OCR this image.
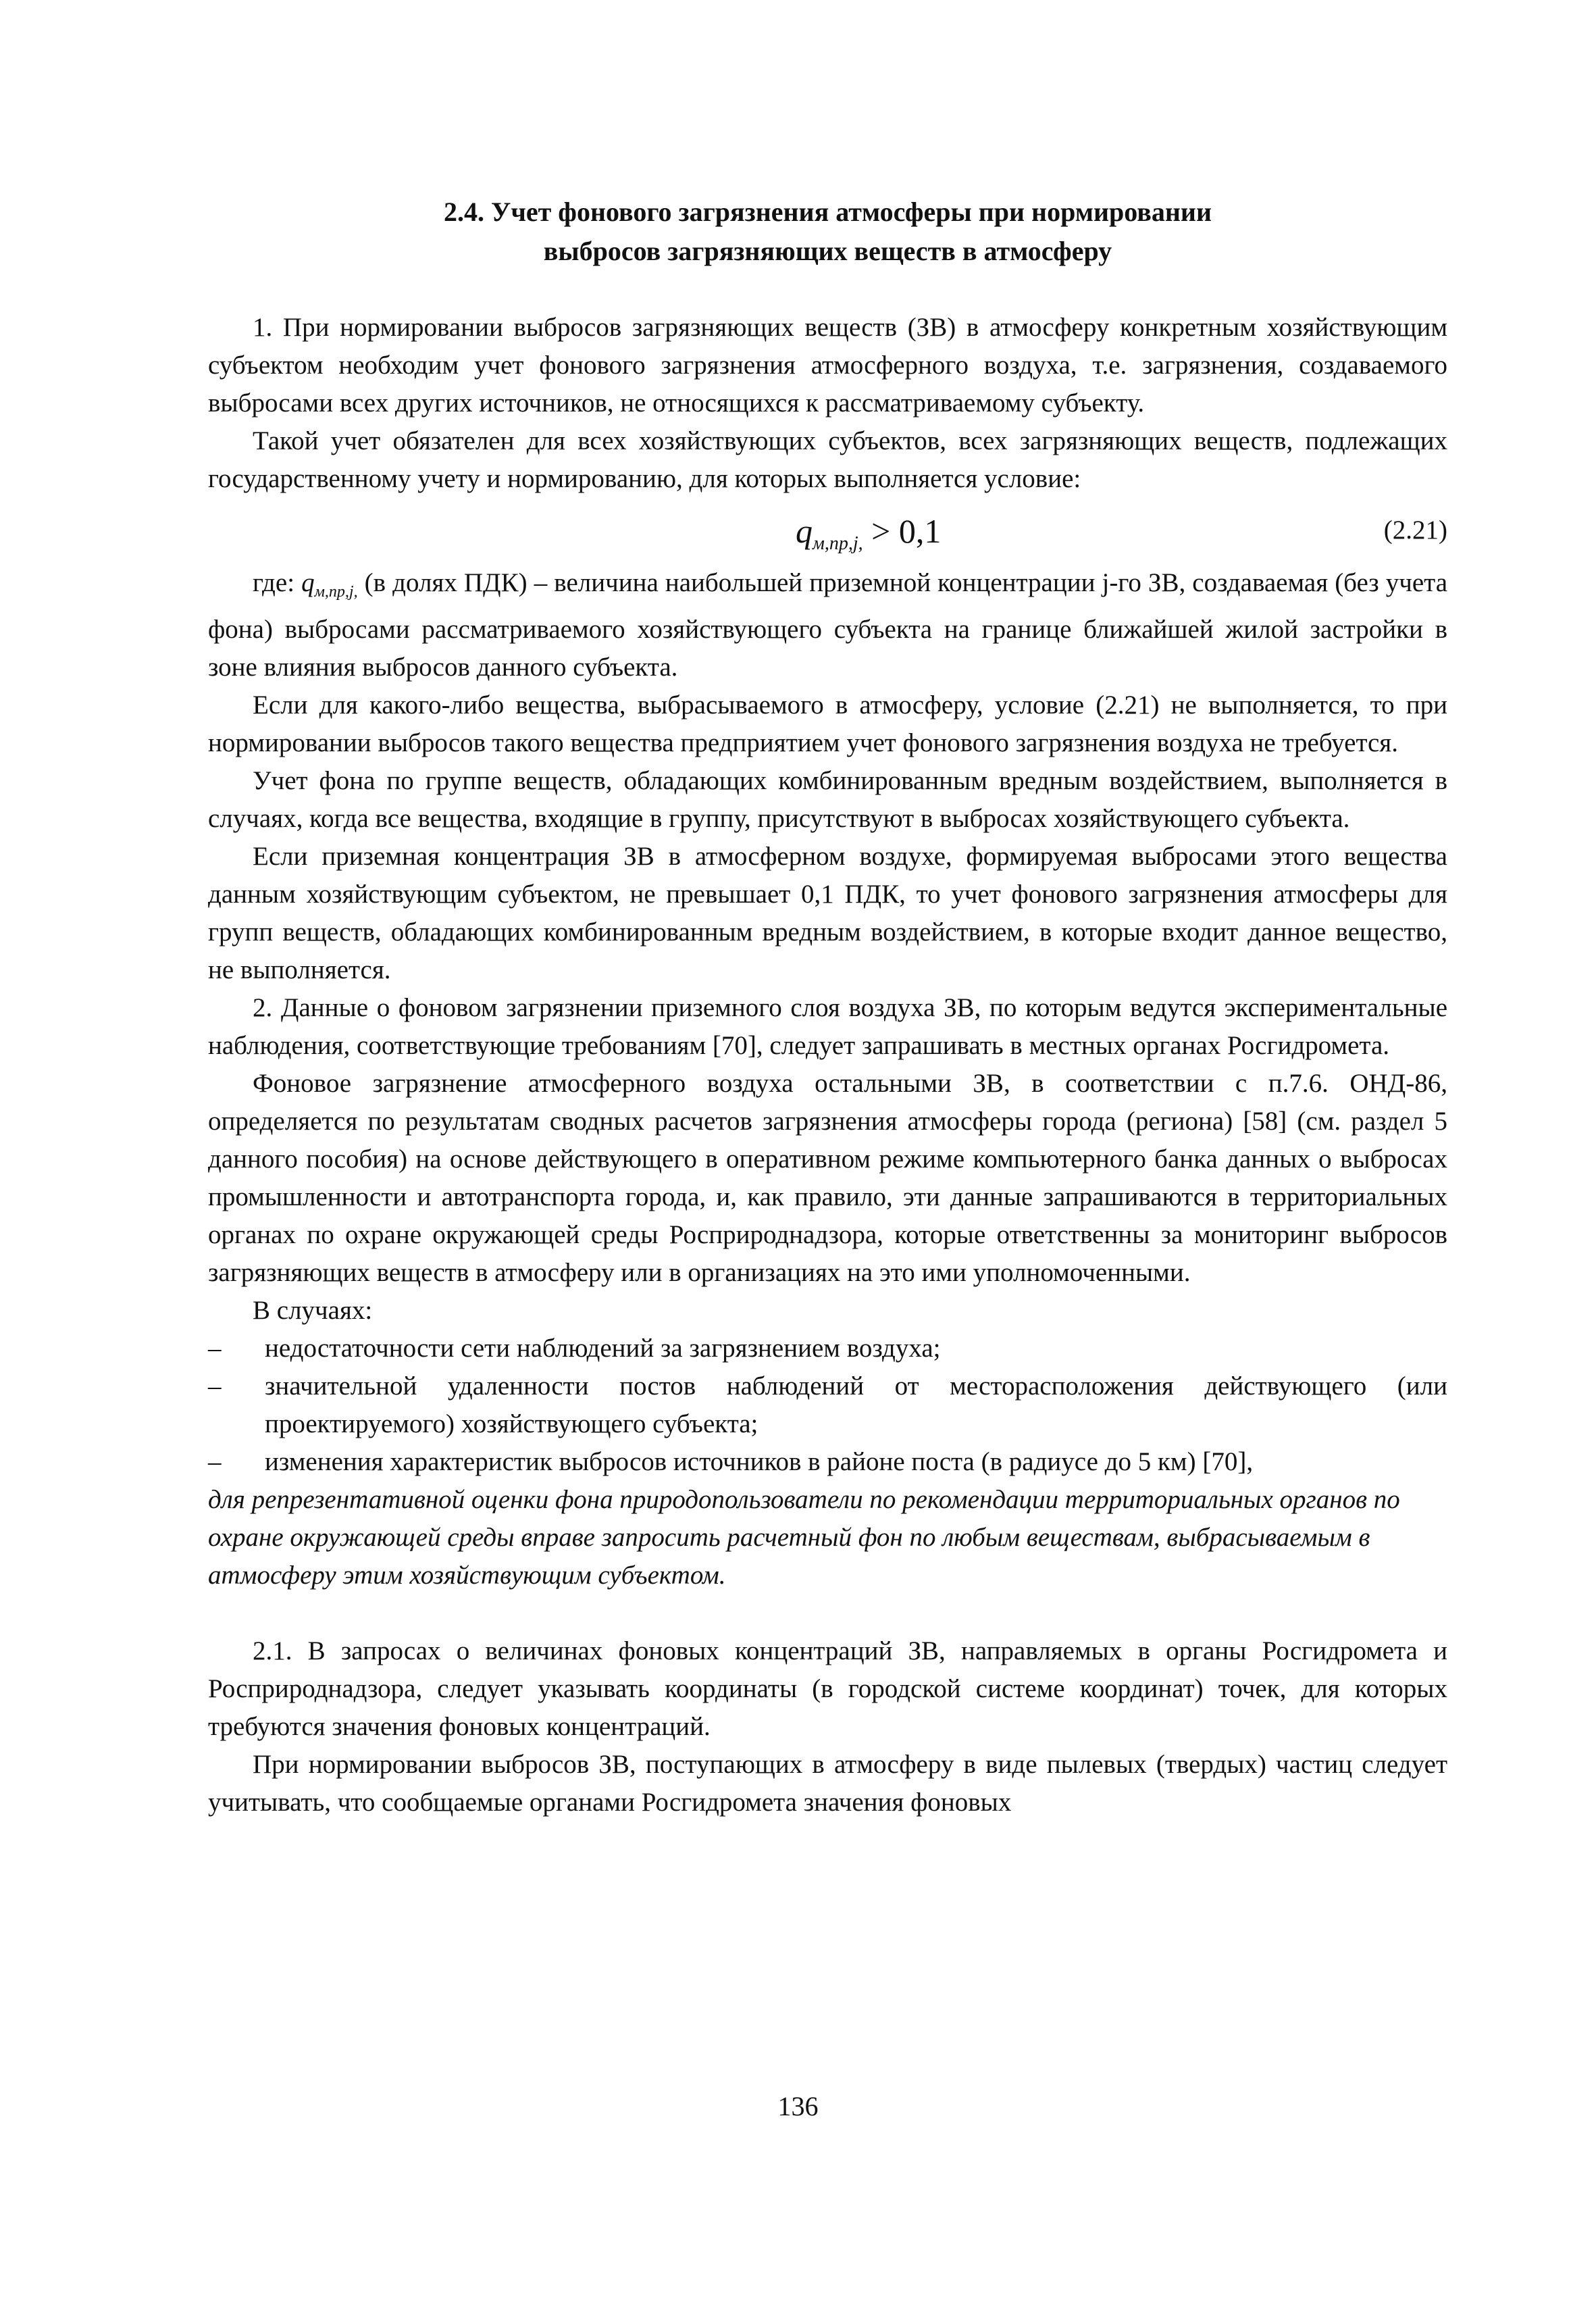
2.4. Учет фонового загрязнения атмосферы при нормировании
выбросов загрязняющих веществ в атмосферу

1. При нормировании выбросов загрязняющих веществ (ЗВ) в атмосферу конкретным хозяйствующим субъектом необходим учет фонового загрязнения атмосферного воздуха, т.е. загрязнения, создаваемого выбросами всех других источников, не относящихся к рассматриваемому субъекту.

Такой учет обязателен для всех хозяйствующих субъектов, всех загрязняющих веществ, подлежащих государственному учету и нормированию, для которых выполняется условие:

$q_{м,пр,j,} > 0,1$	(2.21)

где: $q_{м,пр,j,}$ (в долях ПДК) – величина наибольшей приземной концентрации j-го ЗВ, создаваемая (без учета фона) выбросами рассматриваемого хозяйствующего субъекта на границе ближайшей жилой застройки в зоне влияния выбросов данного субъекта.

Если для какого-либо вещества, выбрасываемого в атмосферу, условие (2.21) не выполняется, то при нормировании выбросов такого вещества предприятием учет фонового загрязнения воздуха не требуется.

Учет фона по группе веществ, обладающих комбинированным вредным воздействием, выполняется в случаях, когда все вещества, входящие в группу, присутствуют в выбросах хозяйствующего субъекта.

Если приземная концентрация ЗВ в атмосферном воздухе, формируемая выбросами этого вещества данным хозяйствующим субъектом, не превышает 0,1 ПДК, то учет фонового загрязнения атмосферы для групп веществ, обладающих комбинированным вредным воздействием, в которые входит данное вещество, не выполняется.

2. Данные о фоновом загрязнении приземного слоя воздуха ЗВ, по которым ведутся экспериментальные наблюдения, соответствующие требованиям [70], следует запрашивать в местных органах Росгидромета.

Фоновое загрязнение атмосферного воздуха остальными ЗВ, в соответствии с п.7.6. ОНД-86, определяется по результатам сводных расчетов загрязнения атмосферы города (региона) [58] (см. раздел 5 данного пособия) на основе действующего в оперативном режиме компьютерного банка данных о выбросах промышленности и автотранспорта города, и, как правило, эти данные запрашиваются в территориальных органах по охране окружающей среды Росприроднадзора, которые ответственны за мониторинг выбросов загрязняющих веществ в атмосферу или в организациях на это ими уполномоченными.

В случаях:

– недостаточности сети наблюдений за загрязнением воздуха;
– значительной удаленности постов наблюдений от месторасположения действующего (или проектируемого) хозяйствующего субъекта;
– изменения характеристик выбросов источников в районе поста (в радиусе до 5 км) [70],

для репрезентативной оценки фона природопользователи по рекомендации территориальных органов по охране окружающей среды вправе запросить расчетный фон по любым веществам, выбрасываемым в атмосферу этим хозяйствующим субъектом.

2.1. В запросах о величинах фоновых концентраций ЗВ, направляемых в органы Росгидромета и Росприроднадзора, следует указывать координаты (в городской системе координат) точек, для которых требуются значения фоновых концентраций.

При нормировании выбросов ЗВ, поступающих в атмосферу в виде пылевых (твердых) частиц следует учитывать, что сообщаемые органами Росгидромета значения фоновых

136
